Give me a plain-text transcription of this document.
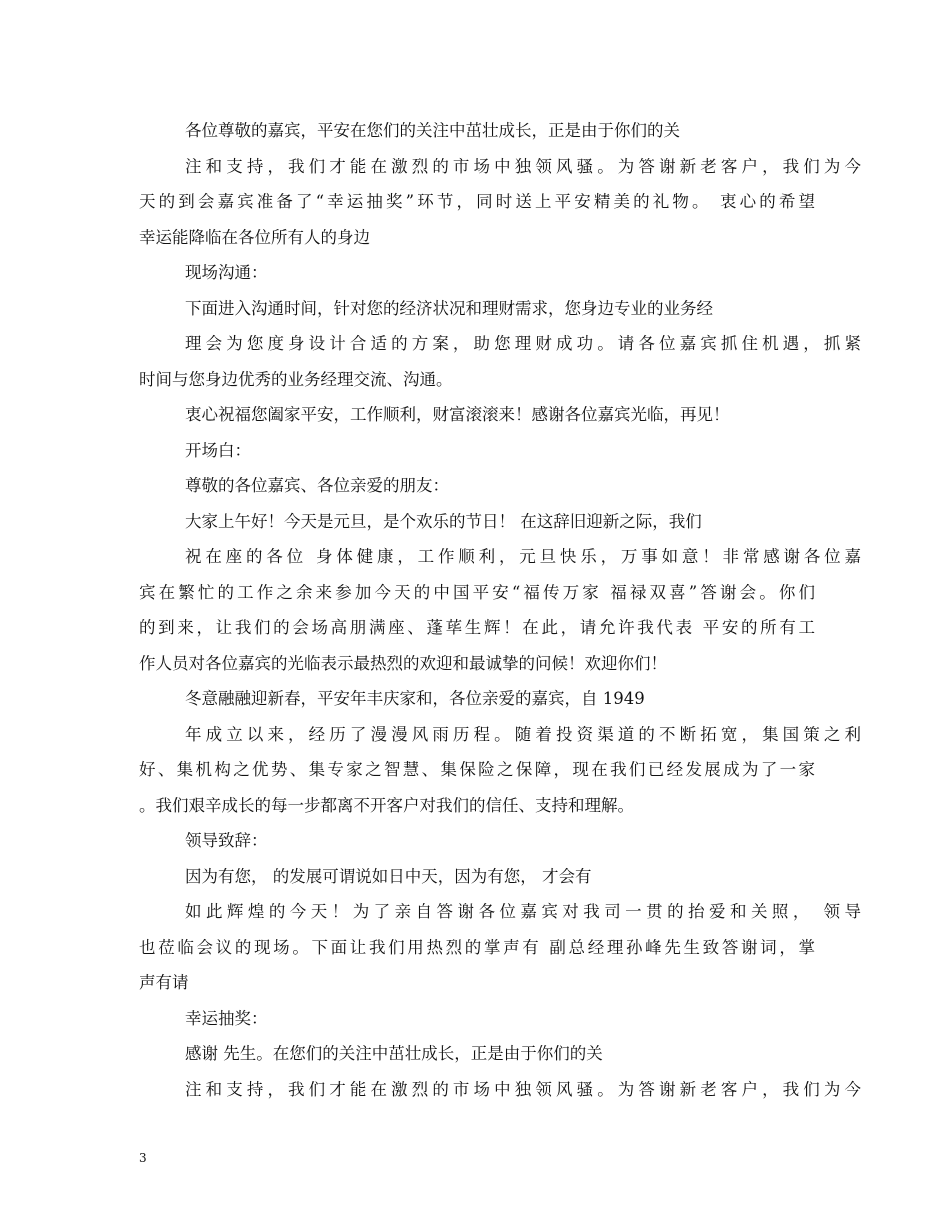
各位尊敬的嘉宾，平安在您们的关注中茁壮成长，正是由于你们的关
注和支持，我们才能在激烈的市场中独领风骚。为答谢新老客户，我们为今
天的到会嘉宾准备了“幸运抽奖”环节，同时送上平安精美的礼物。 衷心的希望
幸运能降临在各位所有人的身边
现场沟通：
下面进入沟通时间，针对您的经济状况和理财需求，您身边专业的业务经
理会为您度身设计合适的方案，助您理财成功。请各位嘉宾抓住机遇，抓紧
时间与您身边优秀的业务经理交流、沟通。
衷心祝福您阖家平安，工作顺利，财富滚滚来！感谢各位嘉宾光临，再见！
开场白：
尊敬的各位嘉宾、各位亲爱的朋友：
大家上午好！今天是元旦，是个欢乐的节日！ 在这辞旧迎新之际，我们
祝在座的各位 身体健康，工作顺利，元旦快乐，万事如意！非常感谢各位嘉
宾在繁忙的工作之余来参加今天的中国平安“福传万家 福禄双喜”答谢会。你们
的到来，让我们的会场高朋满座、蓬荜生辉！在此，请允许我代表 平安的所有工
作人员对各位嘉宾的光临表示最热烈的欢迎和最诚挚的问候！欢迎你们！
冬意融融迎新春，平安年丰庆家和，各位亲爱的嘉宾，自 1949
年成立以来，经历了漫漫风雨历程。随着投资渠道的不断拓宽，集国策之利
好、集机构之优势、集专家之智慧、集保险之保障，现在我们已经发展成为了一家
。我们艰辛成长的每一步都离不开客户对我们的信任、支持和理解。
领导致辞：
因为有您， 的发展可谓说如日中天，因为有您， 才会有
如此辉煌的今天！为了亲自答谢各位嘉宾对我司一贯的抬爱和关照， 领导
也莅临会议的现场。下面让我们用热烈的掌声有 副总经理孙峰先生致答谢词，掌
声有请
幸运抽奖：
感谢 先生。在您们的关注中茁壮成长，正是由于你们的关
注和支持，我们才能在激烈的市场中独领风骚。为答谢新老客户，我们为今
3
